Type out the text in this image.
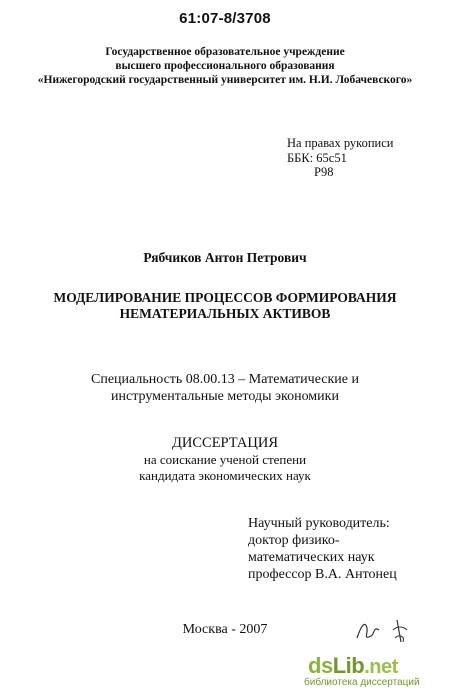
61:07-8/3708
Государственное образовательное учреждение
высшего профессионального образования
«Нижегородский государственный университет им. Н.И. Лобачевского»
На правах рукописи
ББК: 65с51
Р98
Рябчиков Антон Петрович
МОДЕЛИРОВАНИЕ ПРОЦЕССОВ ФОРМИРОВАНИЯ
НЕМАТЕРИАЛЬНЫХ АКТИВОВ
Специальность 08.00.13 – Математические и
инструментальные методы экономики
ДИССЕРТАЦИЯ
на соискание ученой степени
кандидата экономических наук
Научный руководитель:
доктор физико-
математических наук
профессор В.А. Антонец
Москва - 2007
dsLib.net
библиотека диссертаций
